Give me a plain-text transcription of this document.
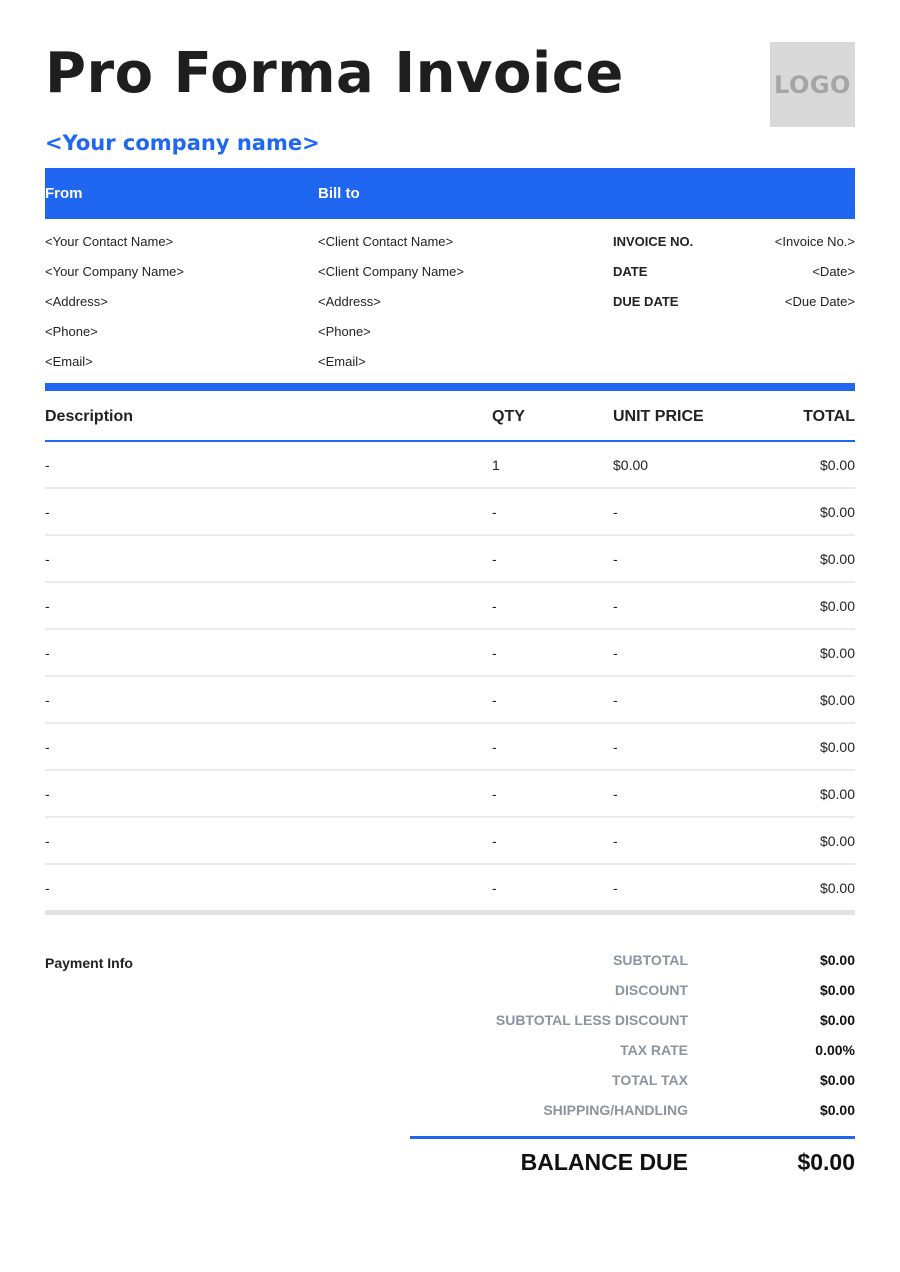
Pro Forma Invoice	LOGO
<Your company name>
From	Bill to
<Your Contact Name>
<Your Company Name>
<Address>
<Phone>
<Email>
<Client Contact Name>
<Client Company Name>
<Address>
<Phone>
<Email>
INVOICE NO.	<Invoice No.>
DATE	<Date>
DUE DATE	<Due Date>
Description	QTY	UNIT PRICE	TOTAL
-	1	$0.00	$0.00
-	-	-	$0.00
-	-	-	$0.00
-	-	-	$0.00
-	-	-	$0.00
-	-	-	$0.00
-	-	-	$0.00
-	-	-	$0.00
-	-	-	$0.00
-	-	-	$0.00
Payment Info	SUBTOTAL	$0.00
DISCOUNT	$0.00
SUBTOTAL LESS DISCOUNT	$0.00
TAX RATE	0.00%
TOTAL TAX	$0.00
SHIPPING/HANDLING	$0.00
BALANCE DUE	$0.00
